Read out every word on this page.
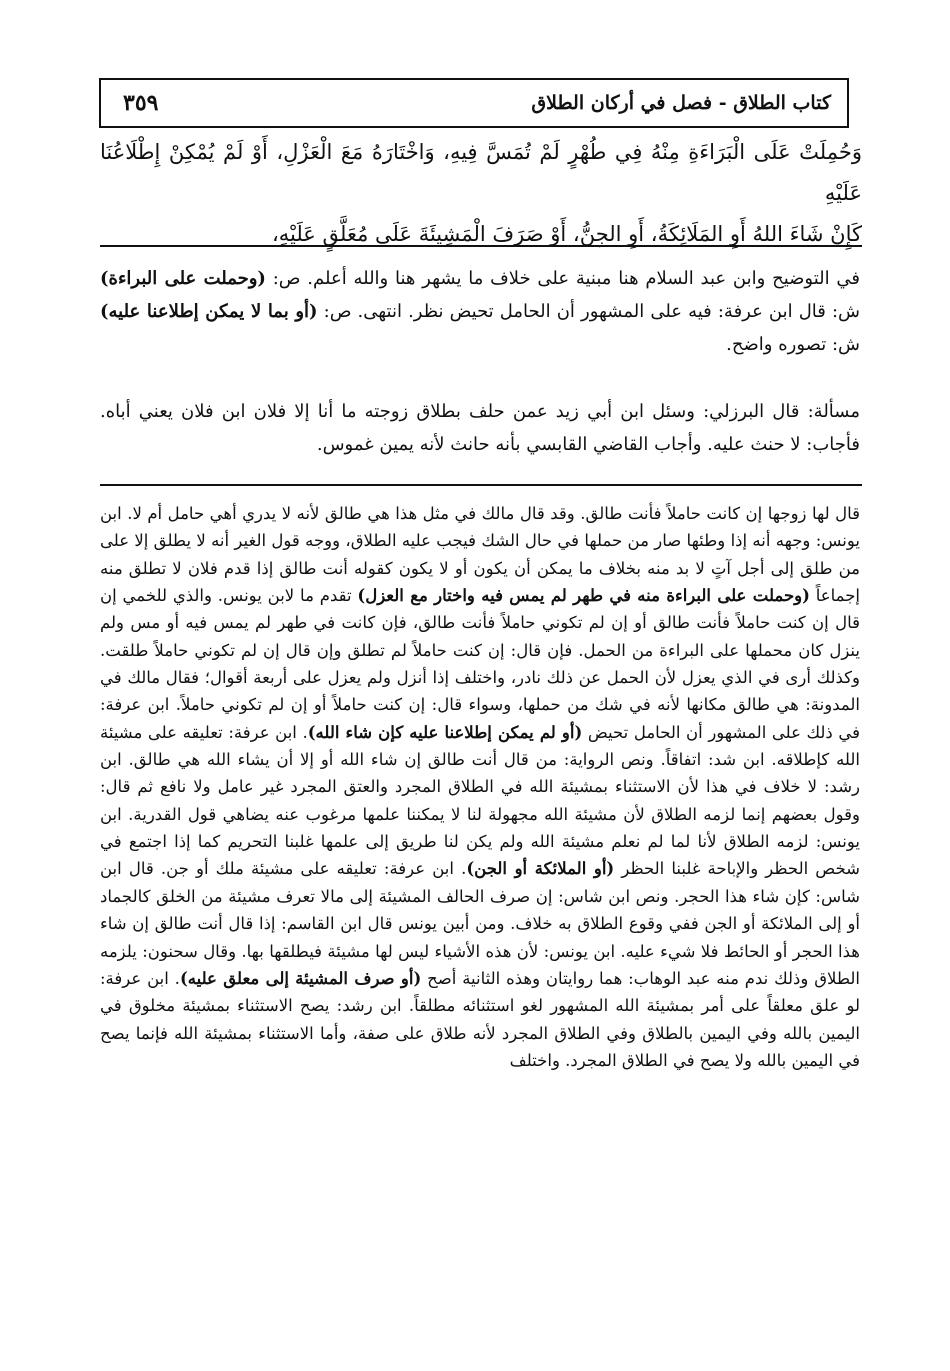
٣٥٩	كتاب الطلاق - فصل في أركان الطلاق

وَحُمِلَتْ عَلَى الْبَرَاءَةِ مِنْهُ فِي طُهْرٍ لَمْ تُمَسَّ فِيهِ، وَاخْتَارَهُ مَعَ الْعَزْلِ، أَوْ لَمْ يُمْكِنْ إِطْلَاعُنَا عَلَيْهِ

كَإِنْ شَاءَ اللهُ أَوِ المَلَائِكَةُ، أَوِ الجِنُّ، أَوْ صَرَفَ الْمَشِيئَةَ عَلَى مُعَلَّقٍ عَلَيْهِ،

في التوضيح وابن عبد السلام هنا مبنية على خلاف ما يشهر هنا والله أعلم. ص: (وحملت على البراءة) ش: قال ابن عرفة: فيه على المشهور أن الحامل تحيض نظر. انتهى. ص: (أو بما لا يمكن إطلاعنا عليه) ش: تصوره واضح.

مسألة: قال البرزلي: وسئل ابن أبي زيد عمن حلف بطلاق زوجته ما أنا إلا فلان ابن فلان يعني أباه. فأجاب: لا حنث عليه. وأجاب القاضي القابسي بأنه حانث لأنه يمين غموس.

قال لها زوجها إن كانت حاملاً فأنت طالق. وقد قال مالك في مثل هذا هي طالق لأنه لا يدري أهي حامل أم لا. ابن يونس: وجهه أنه إذا وطئها صار من حملها في حال الشك فيجب عليه الطلاق، ووجه قول الغير أنه لا يطلق إلا على من طلق إلى أجل آتٍ لا بد منه بخلاف ما يمكن أن يكون أو لا يكون كقوله أنت طالق إذا قدم فلان لا تطلق منه إجماعاً (وحملت على البراءة منه في طهر لم يمس فيه واختار مع العزل) تقدم ما لابن يونس. والذي للخمي إن قال إن كنت حاملاً فأنت طالق أو إن لم تكوني حاملاً فأنت طالق، فإن كانت في طهر لم يمس فيه أو مس ولم ينزل كان محملها على البراءة من الحمل. فإن قال: إن كنت حاملاً لم تطلق وإن قال إن لم تكوني حاملاً طلقت. وكذلك أرى في الذي يعزل لأن الحمل عن ذلك نادر، واختلف إذا أنزل ولم يعزل على أربعة أقوال؛ فقال مالك في المدونة: هي طالق مكانها لأنه في شك من حملها، وسواء قال: إن كنت حاملاً أو إن لم تكوني حاملاً. ابن عرفة: في ذلك على المشهور أن الحامل تحيض (أو لم يمكن إطلاعنا عليه كإن شاء الله). ابن عرفة: تعليقه على مشيئة الله كإطلاقه. ابن شد: اتفاقاً. ونص الرواية: من قال أنت طالق إن شاء الله أو إلا أن يشاء الله هي طالق. ابن رشد: لا خلاف في هذا لأن الاستثناء بمشيئة الله في الطلاق المجرد والعتق المجرد غير عامل ولا نافع ثم قال: وقول بعضهم إنما لزمه الطلاق لأن مشيئة الله مجهولة لنا لا يمكننا علمها مرغوب عنه يضاهي قول القدرية. ابن يونس: لزمه الطلاق لأنا لما لم نعلم مشيئة الله ولم يكن لنا طريق إلى علمها غلبنا التحريم كما إذا اجتمع في شخص الحظر والإباحة غلبنا الحظر (أو الملائكة أو الجن). ابن عرفة: تعليقه على مشيئة ملك أو جن. قال ابن شاس: كإن شاء هذا الحجر. ونص ابن شاس: إن صرف الحالف المشيئة إلى مالا تعرف مشيئة من الخلق كالجماد أو إلى الملائكة أو الجن ففي وقوع الطلاق به خلاف. ومن أبين يونس قال ابن القاسم: إذا قال أنت طالق إن شاء هذا الحجر أو الحائط فلا شيء عليه. ابن يونس: لأن هذه الأشياء ليس لها مشيئة فيطلقها بها. وقال سحنون: يلزمه الطلاق وذلك ندم منه عبد الوهاب: هما روايتان وهذه الثانية أصح (أو صرف المشيئة إلى معلق عليه). ابن عرفة: لو علق معلقاً على أمر بمشيئة الله المشهور لغو استثنائه مطلقاً. ابن رشد: يصح الاستثناء بمشيئة مخلوق في اليمين بالله وفي اليمين بالطلاق وفي الطلاق المجرد لأنه طلاق على صفة، وأما الاستثناء بمشيئة الله فإنما يصح في اليمين بالله ولا يصح في الطلاق المجرد. واختلف
